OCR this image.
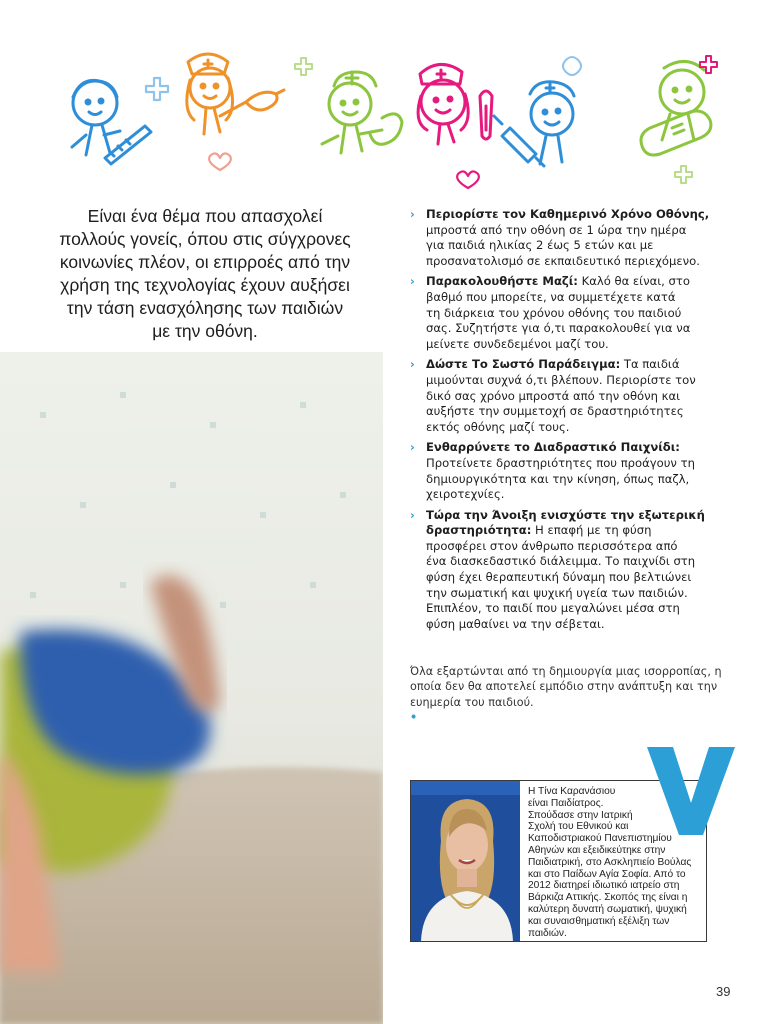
Είναι ένα θέμα που απασχολεί
πολλούς γονείς, όπου στις σύγχρονες
κοινωνίες πλέον, οι επιρροές από την
χρήση της τεχνολογίας έχουν αυξήσει
την τάση ενασχόλησης των παιδιών
με την οθόνη.
› Περιορίστε τον Καθημερινό Χρόνο Οθόνης,
μπροστά από την οθόνη σε 1 ώρα την ημέρα
για παιδιά ηλικίας 2 έως 5 ετών και με
προσανατολισμό σε εκπαιδευτικό περιεχόμενο.
› Παρακολουθήστε Μαζί: Καλό θα είναι, στο
βαθμό που μπορείτε, να συμμετέχετε κατά
τη διάρκεια του χρόνου οθόνης του παιδιού
σας. Συζητήστε για ό,τι παρακολουθεί για να
μείνετε συνδεδεμένοι μαζί του.
› Δώστε Το Σωστό Παράδειγμα: Τα παιδιά
μιμούνται συχνά ό,τι βλέπουν. Περιορίστε τον
δικό σας χρόνο μπροστά από την οθόνη και
αυξήστε την συμμετοχή σε δραστηριότητες
εκτός οθόνης μαζί τους.
› Ενθαρρύνετε το Διαδραστικό Παιχνίδι:
Προτείνετε δραστηριότητες που προάγουν τη
δημιουργικότητα και την κίνηση, όπως παζλ,
χειροτεχνίες.
› Τώρα την Άνοιξη ενισχύστε την εξωτερική
δραστηριότητα: Η επαφή με τη φύση
προσφέρει στον άνθρωπο περισσότερα από
ένα διασκεδαστικό διάλειμμα. Το παιχνίδι στη
φύση έχει θεραπευτική δύναμη που βελτιώνει
την σωματική και ψυχική υγεία των παιδιών.
Επιπλέον, το παιδί που μεγαλώνει μέσα στη
φύση μαθαίνει να την σέβεται.
Όλα εξαρτώνται από τη δημιουργία μιας ισορροπίας, η
οποία δεν θα αποτελεί εμπόδιο στην ανάπτυξη και την
ευημερία του παιδιού.
•
Η Τίνα Καρανάσιου
είναι Παιδίατρος.
Σπούδασε στην Ιατρική
Σχολή του Εθνικού και
Καποδιστριακού Πανεπιστημίου
Αθηνών και εξειδικεύτηκε στην
Παιδιατρική, στο Ασκληπιείο Βούλας
και στο Παίδων Αγία Σοφία. Από το
2012 διατηρεί ιδιωτικό ιατρείο στη
Βάρκιζα Αττικής. Σκοπός της είναι η
καλύτερη δυνατή σωματική, ψυχική
και συναισθηματική εξέλιξη των
παιδιών.
39
